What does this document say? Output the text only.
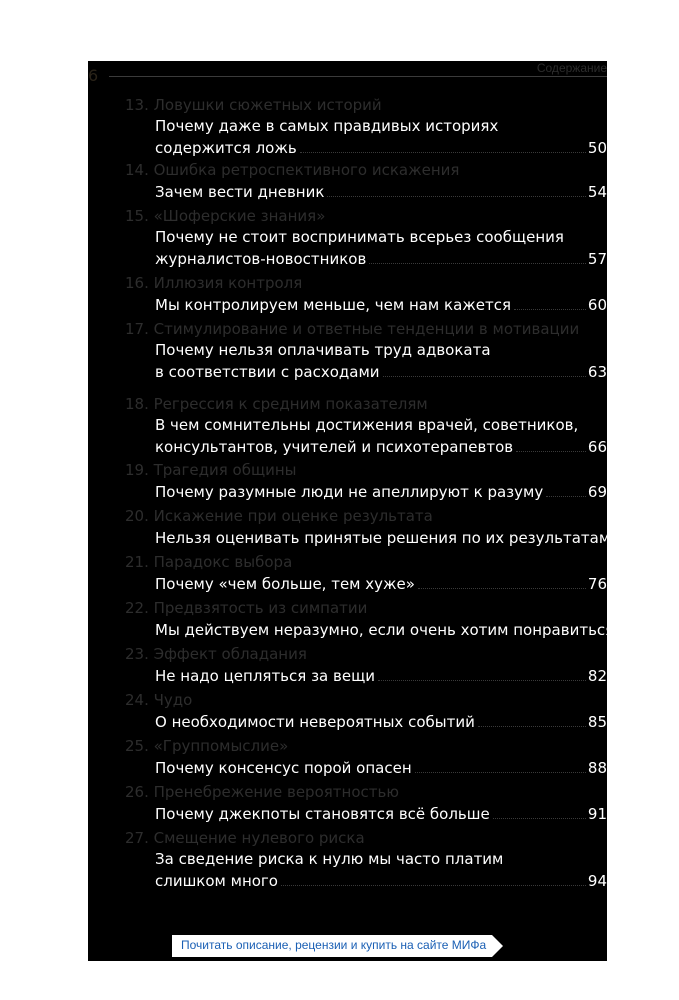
6	Содержание
13. Ловушки сюжетных историй
Почему даже в самых правдивых историях
содержится ложь	50
14. Ошибка ретроспективного искажения
Зачем вести дневник	54
15. «Шоферские знания»
Почему не стоит воспринимать всерьез сообщения
журналистов-новостников	57
16. Иллюзия контроля
Мы контролируем меньше, чем нам кажется	60
17. Стимулирование и ответные тенденции в мотивации
Почему нельзя оплачивать труд адвоката
в соответствии с расходами	63
18. Регрессия к средним показателям
В чем сомнительны достижения врачей, советников,
консультантов, учителей и психотерапевтов	66
19. Трагедия общины
Почему разумные люди не апеллируют к разуму	69
20. Искажение при оценке результата
Нельзя оценивать принятые решения по их результатам 73
21. Парадокс выбора
Почему «чем больше, тем хуже»	76
22. Предвзятость из симпатии
Мы действуем неразумно, если очень хотим понравиться 79
23. Эффект обладания
Не надо цепляться за вещи	82
24. Чудо
О необходимости невероятных событий	85
25. «Группомыслие»
Почему консенсус порой опасен	88
26. Пренебрежение вероятностью
Почему джекпоты становятся всё больше	91
27. Смещение нулевого риска
За сведение риска к нулю мы часто платим
слишком много	94
Почитать описание, рецензии и купить на сайте МИФа
